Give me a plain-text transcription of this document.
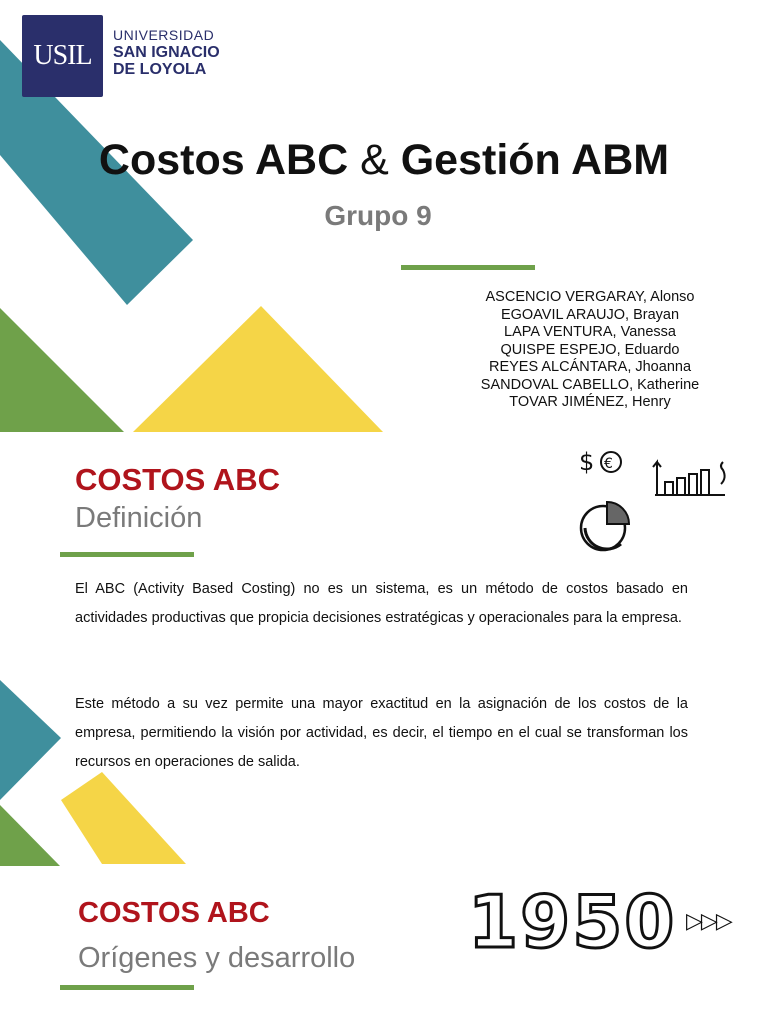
USIL
UNIVERSIDAD
SAN IGNACIO
DE LOYOLA
Costos ABC & Gestión ABM
Grupo 9
ASCENCIO VERGARAY, Alonso
EGOAVIL ARAUJO, Brayan
LAPA VENTURA, Vanessa
QUISPE ESPEJO, Eduardo
REYES ALCÁNTARA, Jhoanna
SANDOVAL CABELLO, Katherine
TOVAR JIMÉNEZ, Henry
$ €
COSTOS ABC
Definición
El ABC (Activity Based Costing) no es un sistema, es un método de costos basado en actividades productivas que propicia decisiones estratégicas y operacionales para la empresa.
Este método a su vez permite una mayor exactitud en la asignación de los costos de la empresa, permitiendo la visión por actividad, es decir, el tiempo en el cual se transforman los recursos en operaciones de salida.
COSTOS ABC
Orígenes y desarrollo 1950 ▷▷▷
